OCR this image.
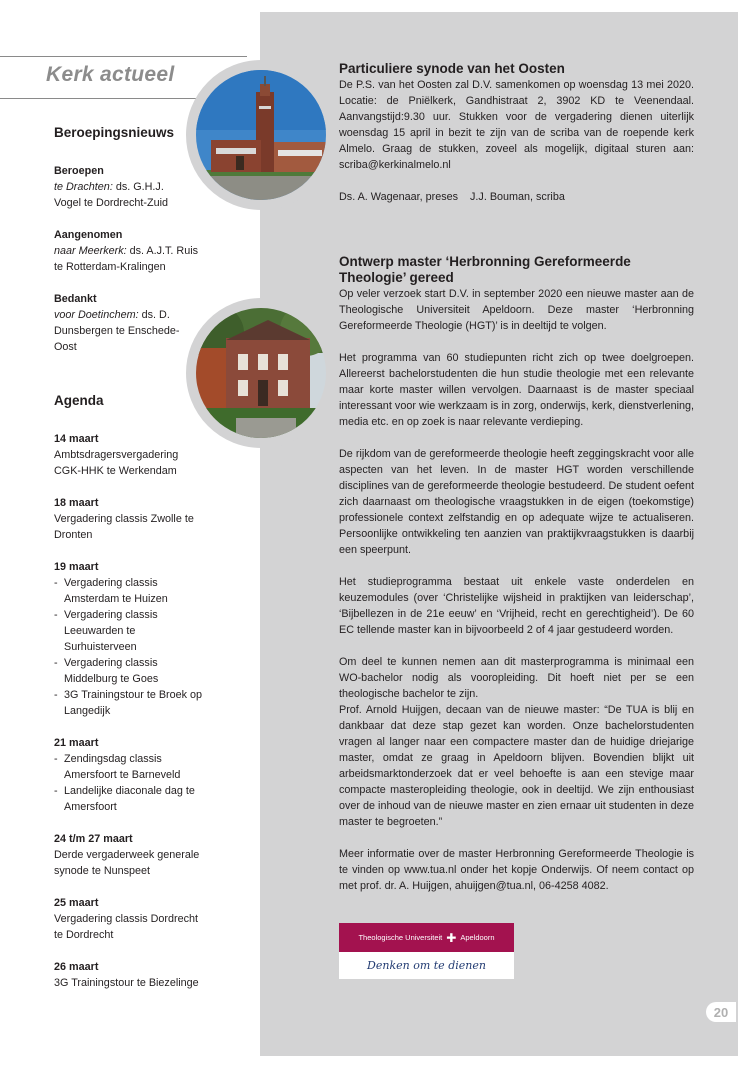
Kerk actueel
Beroepingsnieuws
Beroepen
te Drachten: ds. G.H.J.
Vogel te Dordrecht-Zuid
Aangenomen
naar Meerkerk: ds. A.J.T. Ruis
te Rotterdam-Kralingen
Bedankt
voor Doetinchem: ds. D.
Dunsbergen te Enschede-
Oost
Agenda
14 maart
Ambtsdragersvergadering
CGK-HHK te Werkendam
18 maart
Vergadering classis Zwolle te
Dronten
19 maart
- Vergadering classis
Amsterdam te Huizen
- Vergadering classis
Leeuwarden te
Surhuisterveen
- Vergadering classis
Middelburg te Goes
- 3G Trainingstour te Broek op
Langedijk
21 maart
- Zendingsdag classis
Amersfoort te Barneveld
- Landelijke diaconale dag te
Amersfoort
24 t/m 27 maart
Derde vergaderweek generale
synode te Nunspeet
25 maart
Vergadering classis Dordrecht
te Dordrecht
26 maart
3G Trainingstour te Biezelinge
Particuliere synode van het Oosten

De P.S. van het Oosten zal D.V. samenkomen op woensdag 13 mei 2020. Locatie: de Pniëlkerk, Gandhistraat 2, 3902 KD te Veenendaal. Aanvangstijd:9.30 uur. Stukken voor de vergadering dienen uiterlijk woensdag 15 april in bezit te zijn van de scriba van de roepende kerk Almelo. Graag de stukken, zoveel als mogelijk, digitaal sturen aan: scriba@kerkinalmelo.nl

Ds. A. Wagenaar, preses    J.J. Bouman, scriba

Ontwerp master ‘Herbronning Gereformeerde
Theologie’ gereed

Op veler verzoek start D.V. in september 2020 een nieuwe master aan de Theologische Universiteit Apeldoorn. Deze master ‘Herbronning Gereformeerde Theologie (HGT)’ is in deeltijd te volgen.

Het programma van 60 studiepunten richt zich op twee doelgroepen. Allereerst bachelorstudenten die hun studie theologie met een relevante maar korte master willen vervolgen. Daarnaast is de master speciaal interessant voor wie werkzaam is in zorg, onderwijs, kerk, dienstverlening, media etc. en op zoek is naar relevante verdieping.

De rijkdom van de gereformeerde theologie heeft zeggingskracht voor alle aspecten van het leven. In de master HGT worden verschillende disciplines van de gereformeerde theologie bestudeerd. De student oefent zich daarnaast om theologische vraagstukken in de eigen (toekomstige) professionele context zelfstandig en op adequate wijze te actualiseren. Persoonlijke ontwikkeling ten aanzien van praktijkvraagstukken is daarbij een speerpunt.

Het studieprogramma bestaat uit enkele vaste onderdelen en keuzemodules (over ‘Christelijke wijsheid in praktijken van leiderschap’, ‘Bijbellezen in de 21e eeuw’ en ‘Vrijheid, recht en gerechtigheid’). De 60 EC tellende master kan in bijvoorbeeld 2 of 4 jaar gestudeerd worden.

Om deel te kunnen nemen aan dit masterprogramma is minimaal een WO-bachelor nodig als vooropleiding. Dit hoeft niet per se een theologische bachelor te zijn.

Prof. Arnold Huijgen, decaan van de nieuwe master: “De TUA is blij en dankbaar dat deze stap gezet kan worden. Onze bachelorstudenten vragen al langer naar een compactere master dan de huidige driejarige master, omdat ze graag in Apeldoorn blijven. Bovendien blijkt uit arbeidsmarktonderzoek dat er veel behoefte is aan een stevige maar compacte masteropleiding theologie, ook in deeltijd. We zijn enthousiast over de inhoud van de nieuwe master en zien ernaar uit studenten in deze master te begroeten.”

Meer informatie over de master Herbronning Gereformeerde Theologie is te vinden op www.tua.nl onder het kopje Onderwijs. Of neem contact op met prof. dr. A. Huijgen, ahuijgen@tua.nl, 06-4258 4082.

Theologische Universiteit ✚ Apeldoorn
Denken om te dienen
20
